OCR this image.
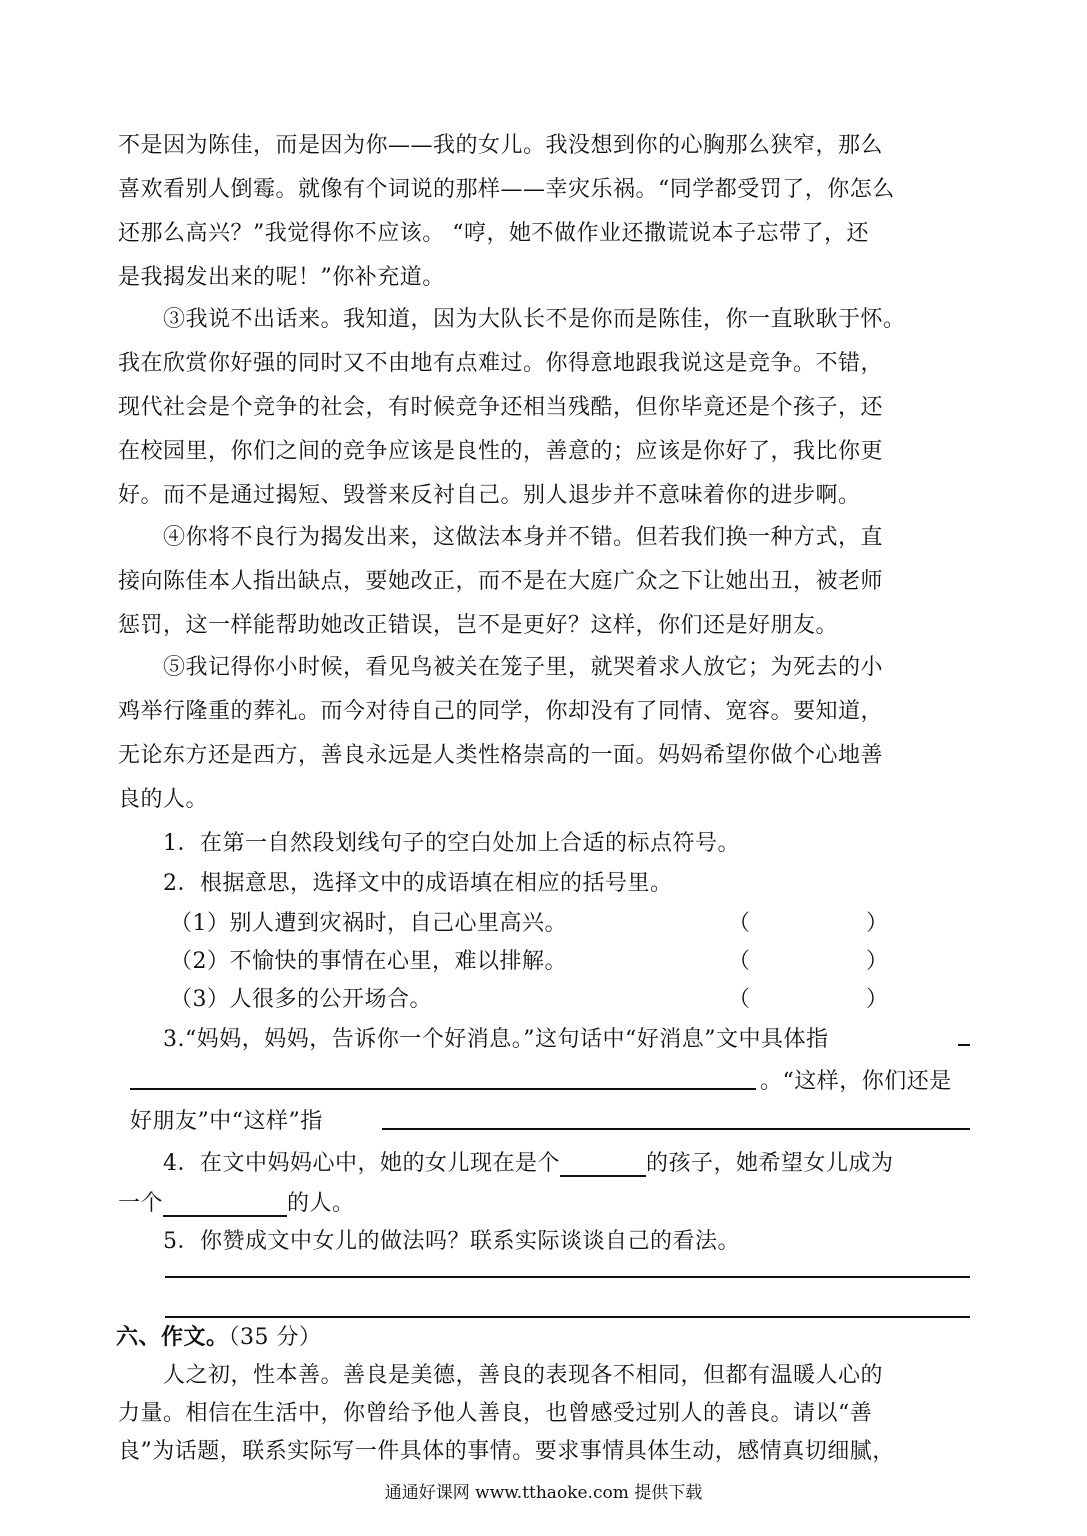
不是因为陈佳，而是因为你——我的女儿。我没想到你的心胸那么狭窄，那么
喜欢看别人倒霉。就像有个词说的那样——幸灾乐祸。“同学都受罚了，你怎么
还那么高兴？”我觉得你不应该。 “哼，她不做作业还撒谎说本子忘带了，还
是我揭发出来的呢！”你补充道。
③我说不出话来。我知道，因为大队长不是你而是陈佳，你一直耿耿于怀。
我在欣赏你好强的同时又不由地有点难过。你得意地跟我说这是竞争。不错，
现代社会是个竞争的社会，有时候竞争还相当残酷，但你毕竟还是个孩子，还
在校园里，你们之间的竞争应该是良性的，善意的；应该是你好了，我比你更
好。而不是通过揭短、毁誉来反衬自己。别人退步并不意味着你的进步啊。
④你将不良行为揭发出来，这做法本身并不错。但若我们换一种方式，直
接向陈佳本人指出缺点，要她改正，而不是在大庭广众之下让她出丑，被老师
惩罚，这一样能帮助她改正错误，岂不是更好？这样，你们还是好朋友。
⑤我记得你小时候，看见鸟被关在笼子里，就哭着求人放它；为死去的小
鸡举行隆重的葬礼。而今对待自己的同学，你却没有了同情、宽容。要知道，
无论东方还是西方，善良永远是人类性格崇高的一面。妈妈希望你做个心地善
良的人。
1．在第一自然段划线句子的空白处加上合适的标点符号。
2．根据意思，选择文中的成语填在相应的括号里。
（1）别人遭到灾祸时，自己心里高兴。	（	）
（2）不愉快的事情在心里，难以排解。	（	）
（3）人很多的公开场合。	（	）
3.“妈妈，妈妈，告诉你一个好消息。”这句话中“好消息”文中具体指
。“这样，你们还是
好朋友”中“这样”指
4．在文中妈妈心中，她的女儿现在是个	的孩子，她希望女儿成为
一个	的人。
5．你赞成文中女儿的做法吗？联系实际谈谈自己的看法。
六、作文。（35 分）
人之初，性本善。善良是美德，善良的表现各不相同，但都有温暖人心的
力量。相信在生活中，你曾给予他人善良，也曾感受过别人的善良。请以“善
良”为话题，联系实际写一件具体的事情。要求事情具体生动，感情真切细腻，
通通好课网 www.tthaoke.com 提供下载
